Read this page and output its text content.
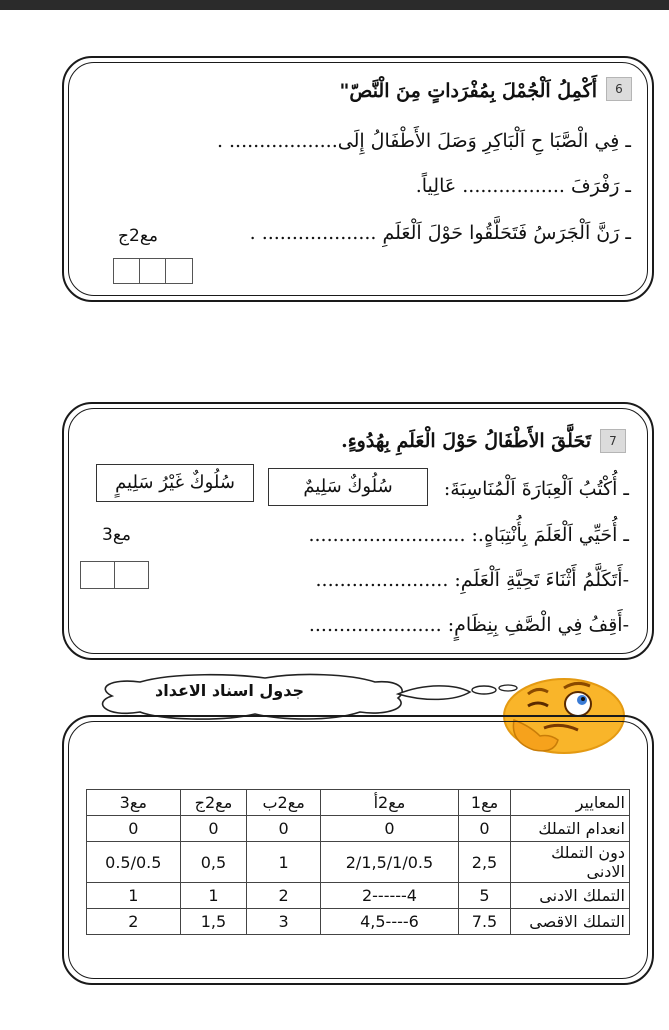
6
أَكْمِلُ اَلْجُمْلَ بِمُفْرَداتٍ مِنَ الْنَّصّ"
ـ فِي الْصَّبَا حِ اَلْبَاكِرِ وَصَلَ الأَطْفَالُ إِلَى.................. .
ـ رَفْرَفَ ................. عَالِياً.
ـ رَنَّ اَلْجَرَسُ فَتَحَلَّقُوا حَوْلَ اَلْعَلَمِ ................... .
مع2ج
7
تَحَلَّقَ الأَطْفَالُ حَوْلَ الْعَلَمِ بِهُدُوءٍ.
ـ أُكْتُبُ اَلْعِبَارَةَ اَلْمُنَاسِبَةَ:
سُلُوكٌ سَلِيمٌ
سُلُوكٌ غَيْرُ سَلِيمٍ
ـ أُحَيِّي اَلْعَلَمَ بِأُنْتِبَاهٍ.: ..........................
مع3
-أَتَكَلَّمُ أَثْنَاءَ تَحِيَّةِ اَلْعَلَمِ: ......................
-أَقِفُ فِي الْصَّفِ بِنِظَامٍ: ......................
جدول اسناد الاعداد
المعايير	مع1	مع2أ	مع2ب	مع2ج	مع3
انعدام التملك	0	0	0	0	0
دون التملك الادنى	2,5	2/1,5/1/0.5	1	0,5	0.5/0.5
التملك الادنى	5	4------2	2	1	1
التملك الاقصى	7.5	6----4,5	3	1,5	2
